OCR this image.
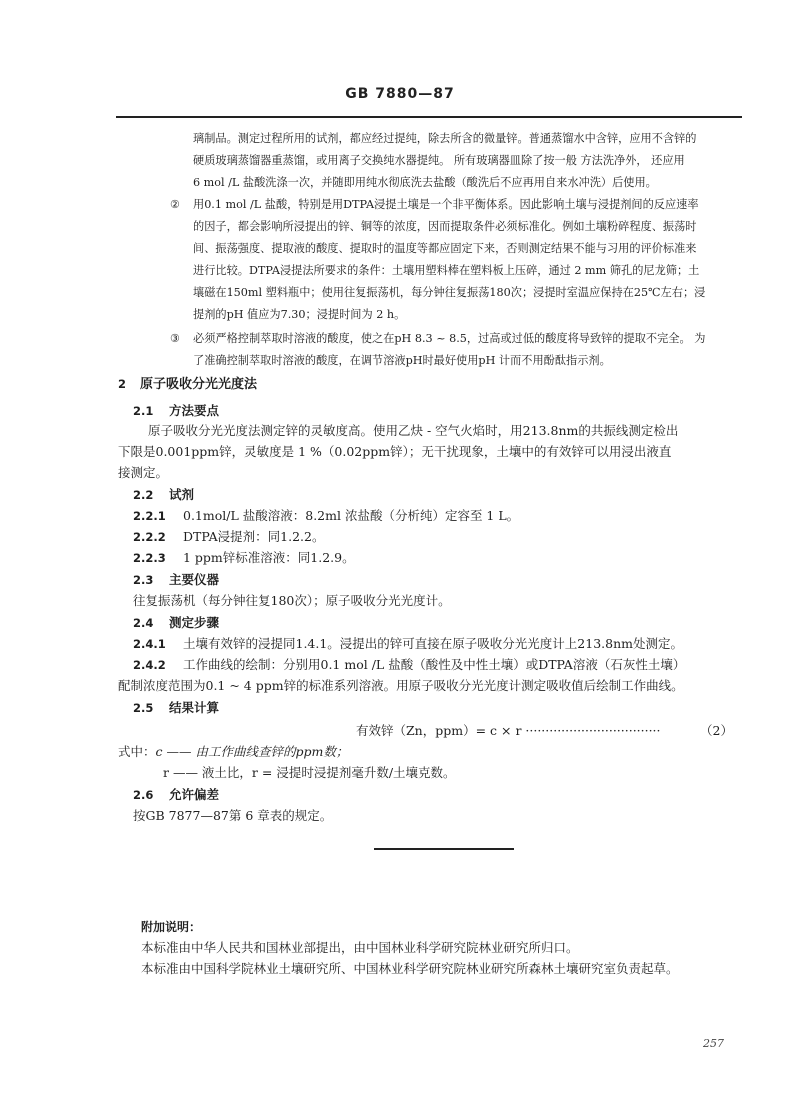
GB 7880—87
璃制品。测定过程所用的试剂，都应经过提纯，除去所含的微量锌。普通蒸馏水中含锌，应用不含锌的
硬质玻璃蒸馏器重蒸馏，或用离子交换纯水器提纯。 所有玻璃器皿除了按一般 方法洗净外， 还应用
6 mol /L 盐酸洗涤一次，并随即用纯水彻底洗去盐酸（酸洗后不应再用自来水冲洗）后使用。
② 用0.1 mol /L 盐酸，特别是用DTPA浸提土壤是一个非平衡体系。因此影响土壤与浸提剂间的反应速率
的因子，都会影响所浸提出的锌、铜等的浓度，因而提取条件必须标准化。例如土壤粉碎程度、振荡时
间、振荡强度、提取液的酸度、提取时的温度等都应固定下来，否则测定结果不能与习用的评价标准来
进行比较。DTPA浸提法所要求的条件：土壤用塑料棒在塑料板上压碎，通过 2 mm 筛孔的尼龙筛；土
壤磁在150ml 塑料瓶中；使用往复振荡机，每分钟往复振荡180次；浸提时室温应保持在25℃左右；浸
提剂的pH 值应为7.30；浸提时间为 2 h。
③ 必须严格控制萃取时溶液的酸度，使之在pH 8.3 ~ 8.5，过高或过低的酸度将导致锌的提取不完全。 为
了准确控制萃取时溶液的酸度，在调节溶液pH时最好使用pH 计而不用酚酞指示剂。
2 原子吸收分光光度法
2.1 方法要点
原子吸收分光光度法测定锌的灵敏度高。使用乙炔 - 空气火焰时，用213.8nm的共振线测定检出
下限是0.001ppm锌，灵敏度是 1 %（0.02ppm锌）；无干扰现象，土壤中的有效锌可以用浸出液直
接测定。
2.2 试剂
2.2.1 0.1mol/L 盐酸溶液：8.2ml 浓盐酸（分析纯）定容至 1 L。
2.2.2 DTPA浸提剂：同1.2.2。
2.2.3 1 ppm锌标准溶液：同1.2.9。
2.3 主要仪器
往复振荡机（每分钟往复180次）；原子吸收分光光度计。
2.4 测定步骤
2.4.1 土壤有效锌的浸提同1.4.1。浸提出的锌可直接在原子吸收分光光度计上213.8nm处测定。
2.4.2 工作曲线的绘制：分别用0.1 mol /L 盐酸（酸性及中性土壤）或DTPA溶液（石灰性土壤）
配制浓度范围为0.1 ~ 4 ppm锌的标准系列溶液。用原子吸收分光光度计测定吸收值后绘制工作曲线。
2.5 结果计算
有效锌（Zn，ppm）= c × r ··································	（2）
式中：c —— 由工作曲线查锌的ppm数；
r —— 液土比，r = 浸提时浸提剂毫升数/土壤克数。
2.6 允许偏差
按GB 7877—87第 6 章表的规定。
附加说明：
本标准由中华人民共和国林业部提出，由中国林业科学研究院林业研究所归口。
本标准由中国科学院林业土壤研究所、中国林业科学研究院林业研究所森林土壤研究室负责起草。
257
